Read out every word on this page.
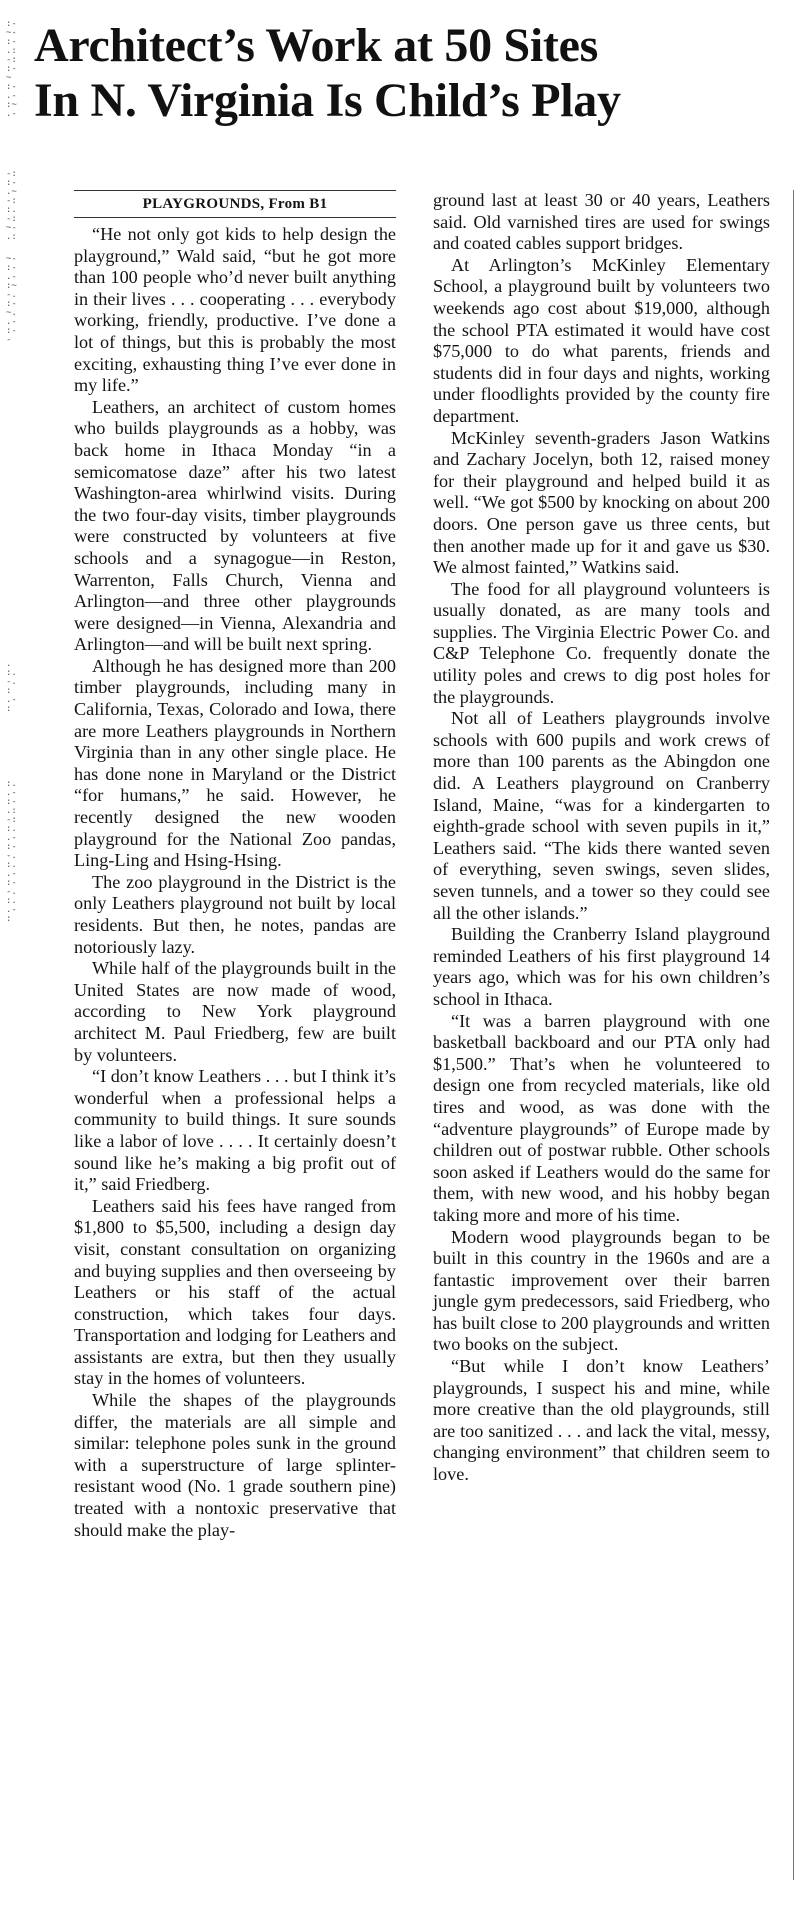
:-
~-
:-
.:
-:
:-
~
:-
.-
:~
.-
-:
:-
.~
-:
:.
-:
~-
.:
~-
:-
.-
:~
-.
:-
~.
.-
:-
-
.
:.
-.
:
.-
:
:.
.-
:-
.:
-:
:.
.-
:-
-.
:.
.-
:-
-.
:.
.-
:
Architect’s Work at 50 Sites
In N. Virginia Is Child’s Play
PLAYGROUNDS, From B1

“He not only got kids to help design the playground,” Wald said, “but he got more than 100 people who’d never built anything in their lives . . . cooperating . . . everybody working, friendly, productive. I’ve done a lot of things, but this is probably the most exciting, exhausting thing I’ve ever done in my life.”

Leathers, an architect of custom homes who builds playgrounds as a hobby, was back home in Ithaca Monday “in a semicomatose daze” after his two latest Washington-area whirlwind visits. During the two four-day visits, timber playgrounds were constructed by volunteers at five schools and a synagogue—in Reston, Warrenton, Falls Church, Vienna and Arlington—and three other playgrounds were designed—in Vienna, Alexandria and Arlington—and will be built next spring.

Although he has designed more than 200 timber playgrounds, including many in California, Texas, Colorado and Iowa, there are more Leathers playgrounds in Northern Virginia than in any other single place. He has done none in Maryland or the District “for humans,” he said. However, he recently designed the new wooden playground for the National Zoo pandas, Ling-Ling and Hsing-Hsing.

The zoo playground in the District is the only Leathers playground not built by local residents. But then, he notes, pandas are notoriously lazy.

While half of the playgrounds built in the United States are now made of wood, according to New York playground architect M. Paul Friedberg, few are built by volunteers.

“I don’t know Leathers . . . but I think it’s wonderful when a professional helps a community to build things. It sure sounds like a labor of love . . . . It certainly doesn’t sound like he’s making a big profit out of it,” said Friedberg.

Leathers said his fees have ranged from $1,800 to $5,500, including a design day visit, constant consultation on organizing and buying supplies and then overseeing by Leathers or his staff of the actual construction, which takes four days. Transportation and lodging for Leathers and assistants are extra, but then they usually stay in the homes of volunteers.

While the shapes of the playgrounds differ, the materials are all simple and similar: telephone poles sunk in the ground with a superstructure of large splinter-resistant wood (No. 1 grade southern pine) treated with a nontoxic preservative that should make the play-

ground last at least 30 or 40 years, Leathers said. Old varnished tires are used for swings and coated cables support bridges.

At Arlington’s McKinley Elementary School, a playground built by volunteers two weekends ago cost about $19,000, although the school PTA estimated it would have cost $75,000 to do what parents, friends and students did in four days and nights, working under floodlights provided by the county fire department.

McKinley seventh-graders Jason Watkins and Zachary Jocelyn, both 12, raised money for their playground and helped build it as well. “We got $500 by knocking on about 200 doors. One person gave us three cents, but then another made up for it and gave us $30. We almost fainted,” Watkins said.

The food for all playground volunteers is usually donated, as are many tools and supplies. The Virginia Electric Power Co. and C&P Telephone Co. frequently donate the utility poles and crews to dig post holes for the playgrounds.

Not all of Leathers playgrounds involve schools with 600 pupils and work crews of more than 100 parents as the Abingdon one did. A Leathers playground on Cranberry Island, Maine, “was for a kindergarten to eighth-grade school with seven pupils in it,” Leathers said. “The kids there wanted seven of everything, seven swings, seven slides, seven tunnels, and a tower so they could see all the other islands.”

Building the Cranberry Island playground reminded Leathers of his first playground 14 years ago, which was for his own children’s school in Ithaca.

“It was a barren playground with one basketball backboard and our PTA only had $1,500.” That’s when he volunteered to design one from recycled materials, like old tires and wood, as was done with the “adventure playgrounds” of Europe made by children out of postwar rubble. Other schools soon asked if Leathers would do the same for them, with new wood, and his hobby began taking more and more of his time.

Modern wood playgrounds began to be built in this country in the 1960s and are a fantastic improvement over their barren jungle gym predecessors, said Friedberg, who has built close to 200 playgrounds and written two books on the subject.

“But while I don’t know Leathers’ playgrounds, I suspect his and mine, while more creative than the old playgrounds, still are too sanitized . . . and lack the vital, messy, changing environment” that children seem to love.
